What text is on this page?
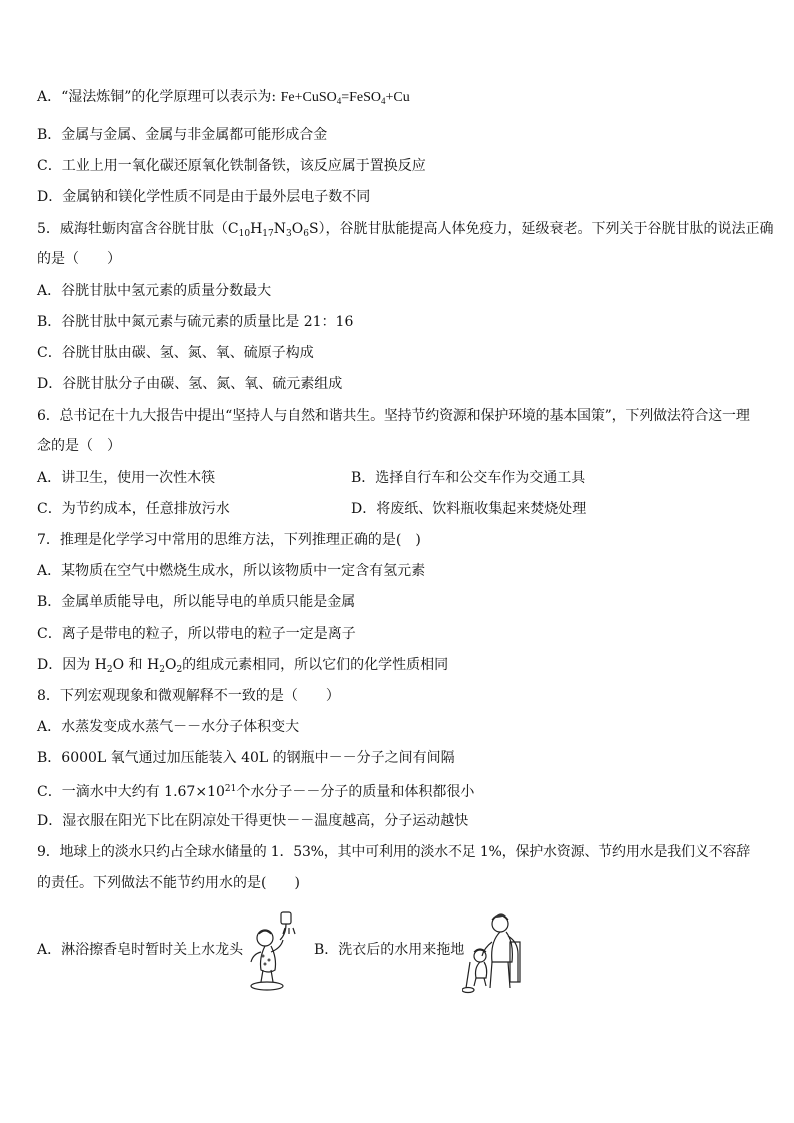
A．“湿法炼铜”的化学原理可以表示为: Fe+CuSO$_4$=FeSO$_4$+Cu
B．金属与金属、金属与非金属都可能形成合金
C．工业上用一氧化碳还原氧化铁制备铁，该反应属于置换反应
D．金属钠和镁化学性质不同是由于最外层电子数不同
5．威海牡蛎肉富含谷胱甘肽$(C_{10}H_{17}N_3O_6S)$，谷胱甘肽能提高人体免疫力，延级衰老。下列关于谷胱甘肽的说法正确
的是（　　）
A．谷胱甘肽中氢元素的质量分数最大
B．谷胱甘肽中氮元素与硫元素的质量比是 21：16
C．谷胱甘肽由碳、氢、氮、氧、硫原子构成
D．谷胱甘肽分子由碳、氢、氮、氧、硫元素组成
6．总书记在十九大报告中提出“坚持人与自然和谐共生。坚持节约资源和保护环境的基本国策”，下列做法符合这一理
念的是（　）
A．讲卫生，使用一次性木筷	B．选择自行车和公交车作为交通工具
C．为节约成本，任意排放污水	D．将废纸、饮料瓶收集起来焚烧处理
7．推理是化学学习中常用的思维方法，下列推理正确的是(　)
A．某物质在空气中燃烧生成水，所以该物质中一定含有氢元素
B．金属单质能导电，所以能导电的单质只能是金属
C．离子是带电的粒子，所以带电的粒子一定是离子
D．因为 $H_2O$ 和 $H_2O_2$的组成元素相同，所以它们的化学性质相同
8．下列宏观现象和微观解释不一致的是（　　）
A．水蒸发变成水蒸气－－水分子体积变大
B．6000L 氧气通过加压能装入 40L 的钢瓶中－－分子之间有间隔
C．一滴水中大约有 $1.67\times 10^{21}$个水分子－－分子的质量和体积都很小
D．湿衣服在阳光下比在阴凉处干得更快－－温度越高，分子运动越快
9．地球上的淡水只约占全球水储量的 1．53%，其中可利用的淡水不足 1%，保护水资源、节约用水是我们义不容辞
的责任。下列做法不能节约用水的是(　　)
A．淋浴擦香皂时暂时关上水龙头	B．洗衣后的水用来拖地
